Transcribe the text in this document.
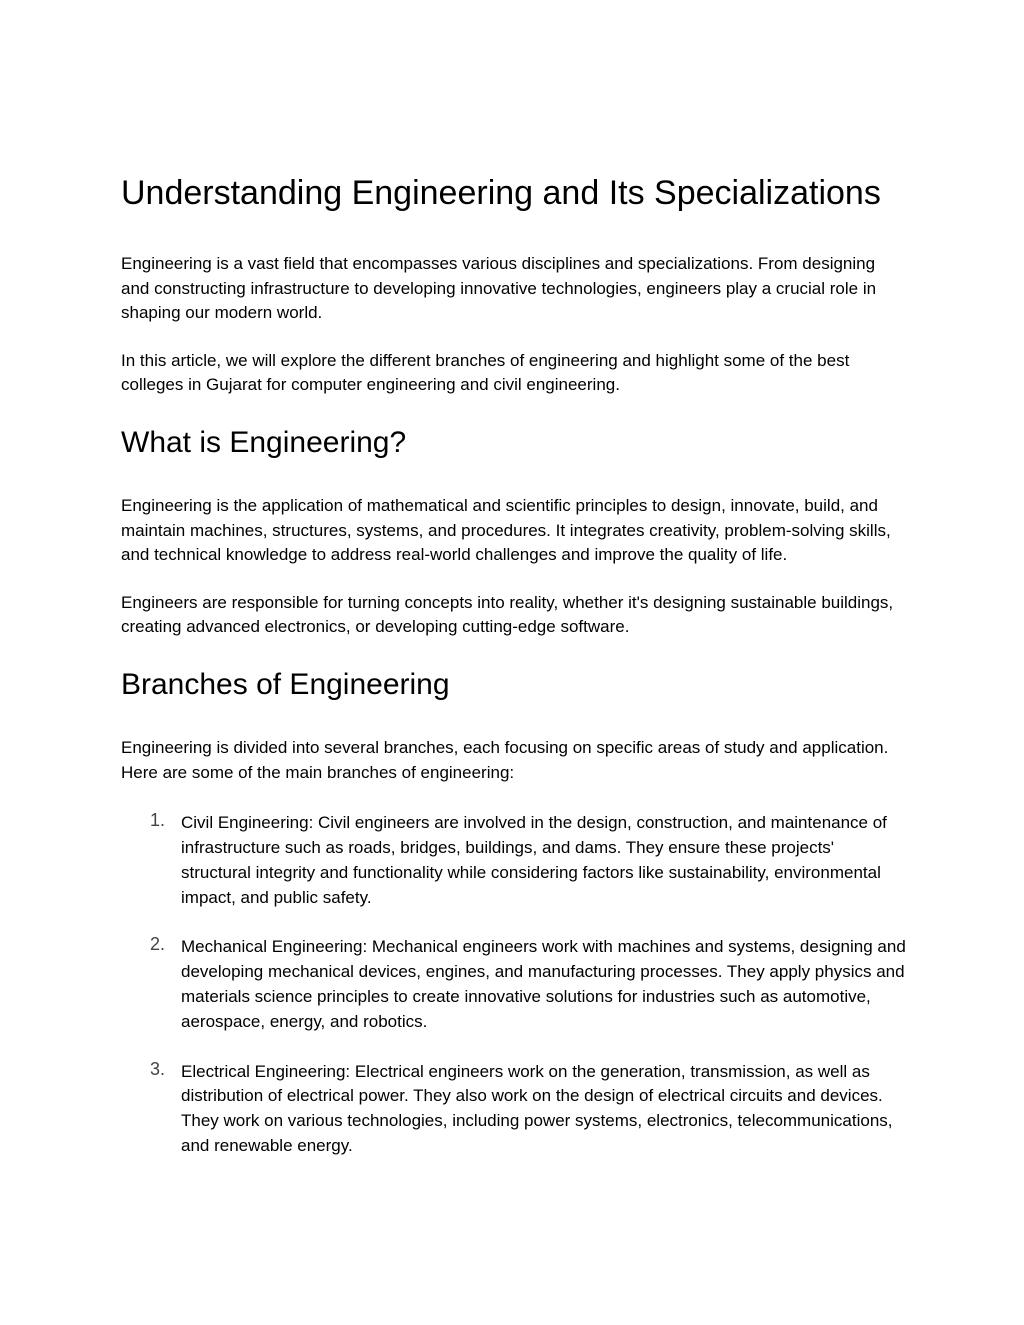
Understanding Engineering and Its Specializations

Engineering is a vast field that encompasses various disciplines and specializations. From designing and constructing infrastructure to developing innovative technologies, engineers play a crucial role in shaping our modern world.

In this article, we will explore the different branches of engineering and highlight some of the best colleges in Gujarat for computer engineering and civil engineering.

What is Engineering?

Engineering is the application of mathematical and scientific principles to design, innovate, build, and maintain machines, structures, systems, and procedures. It integrates creativity, problem-solving skills, and technical knowledge to address real-world challenges and improve the quality of life.

Engineers are responsible for turning concepts into reality, whether it's designing sustainable buildings, creating advanced electronics, or developing cutting-edge software.

Branches of Engineering

Engineering is divided into several branches, each focusing on specific areas of study and application. Here are some of the main branches of engineering:

1. Civil Engineering: Civil engineers are involved in the design, construction, and maintenance of infrastructure such as roads, bridges, buildings, and dams. They ensure these projects' structural integrity and functionality while considering factors like sustainability, environmental impact, and public safety.
2. Mechanical Engineering: Mechanical engineers work with machines and systems, designing and developing mechanical devices, engines, and manufacturing processes. They apply physics and materials science principles to create innovative solutions for industries such as automotive, aerospace, energy, and robotics.
3. Electrical Engineering: Electrical engineers work on the generation, transmission, as well as distribution of electrical power. They also work on the design of electrical circuits and devices. They work on various technologies, including power systems, electronics, telecommunications, and renewable energy.
